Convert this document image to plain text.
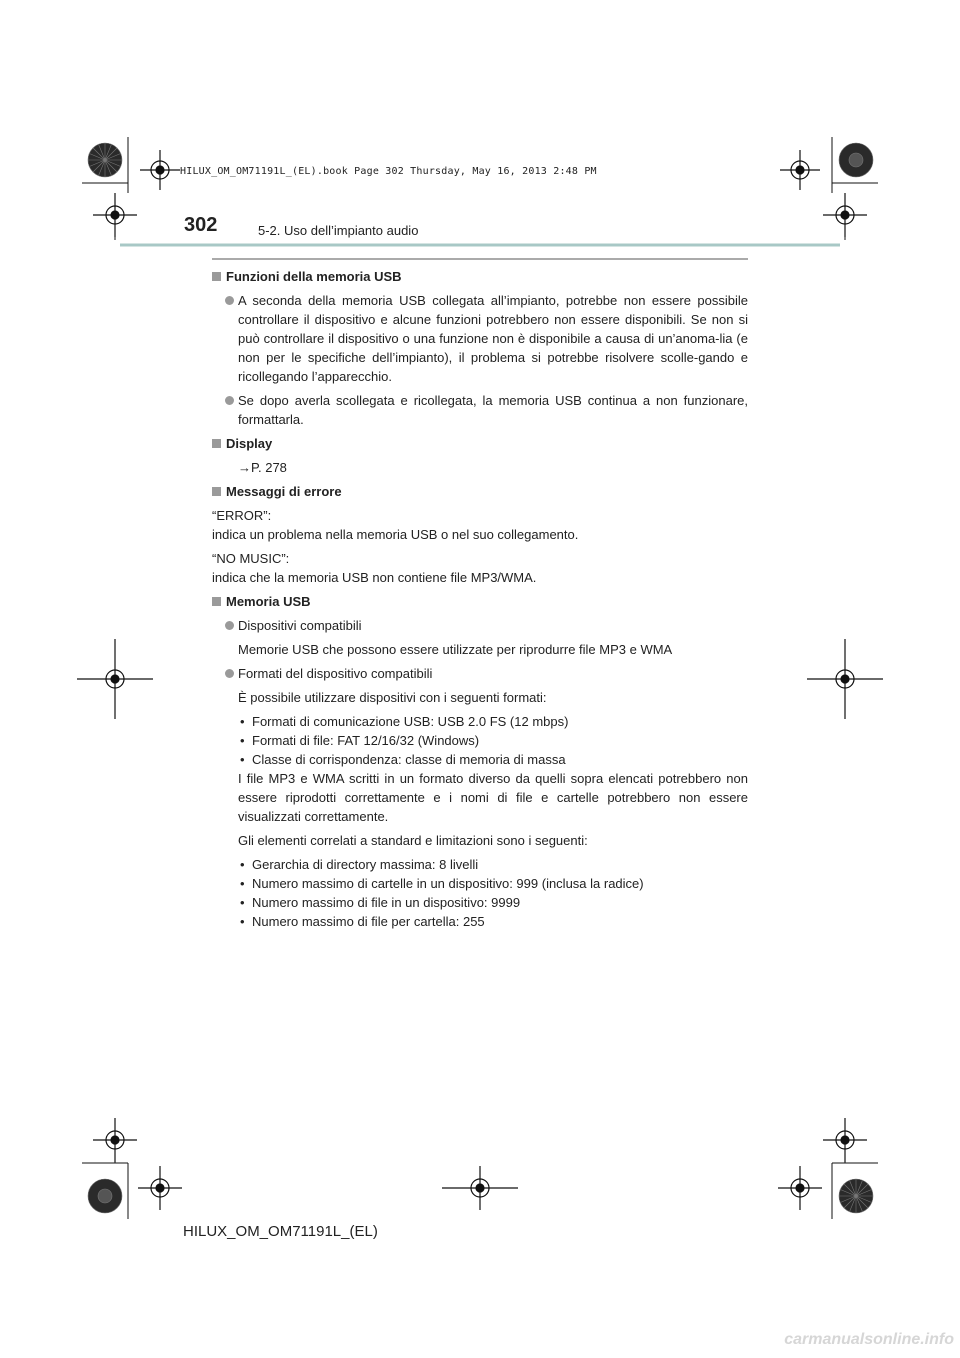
HILUX_OM_OM71191L_(EL).book Page 302 Thursday, May 16, 2013 2:48 PM
302	5-2. Uso dell’impianto audio
Funzioni della memoria USB
A seconda della memoria USB collegata all’impianto, potrebbe non essere possibile controllare il dispositivo e alcune funzioni potrebbero non essere disponibili. Se non si può controllare il dispositivo o una funzione non è disponibile a causa di un’anoma-lia (e non per le specifiche dell’impianto), il problema si potrebbe risolvere scolle-gando e ricollegando l’apparecchio.
Se dopo averla scollegata e ricollegata, la memoria USB continua a non funzionare, formattarla.
Display
→P. 278
Messaggi di errore
“ERROR”:
indica un problema nella memoria USB o nel suo collegamento.
“NO MUSIC”:
indica che la memoria USB non contiene file MP3/WMA.
Memoria USB
Dispositivi compatibili
Memorie USB che possono essere utilizzate per riprodurre file MP3 e WMA
Formati del dispositivo compatibili
È possibile utilizzare dispositivi con i seguenti formati:
• Formati di comunicazione USB: USB 2.0 FS (12 mbps)
• Formati di file: FAT 12/16/32 (Windows)
• Classe di corrispondenza: classe di memoria di massa
I file MP3 e WMA scritti in un formato diverso da quelli sopra elencati potrebbero non essere riprodotti correttamente e i nomi di file e cartelle potrebbero non essere visualizzati correttamente.
Gli elementi correlati a standard e limitazioni sono i seguenti:
• Gerarchia di directory massima: 8 livelli
• Numero massimo di cartelle in un dispositivo: 999 (inclusa la radice)
• Numero massimo di file in un dispositivo: 9999
• Numero massimo di file per cartella: 255
HILUX_OM_OM71191L_(EL)
carmanualsonline.info
